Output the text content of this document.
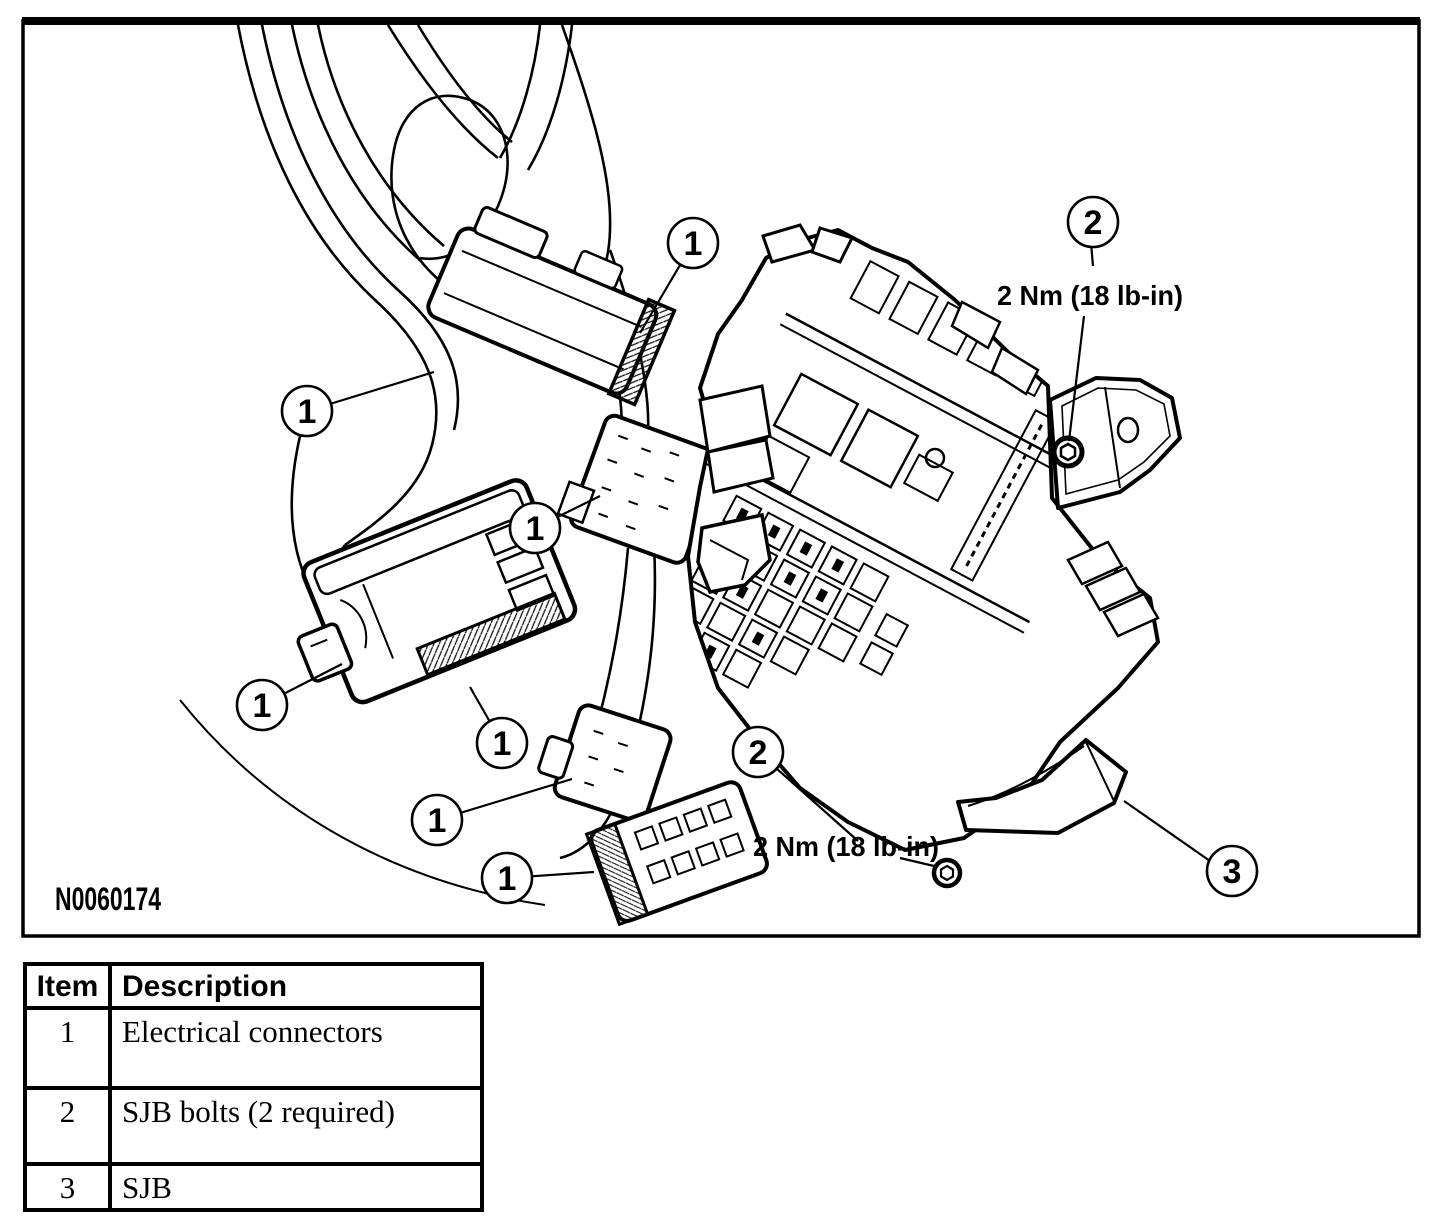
1
1
1
1
1
1
1
2
2
3
2 Nm (18 lb-in)
2 Nm (18 lb-in)
N0060174
Item	Description
1	Electrical connectors
2	SJB bolts (2 required)
3	SJB
